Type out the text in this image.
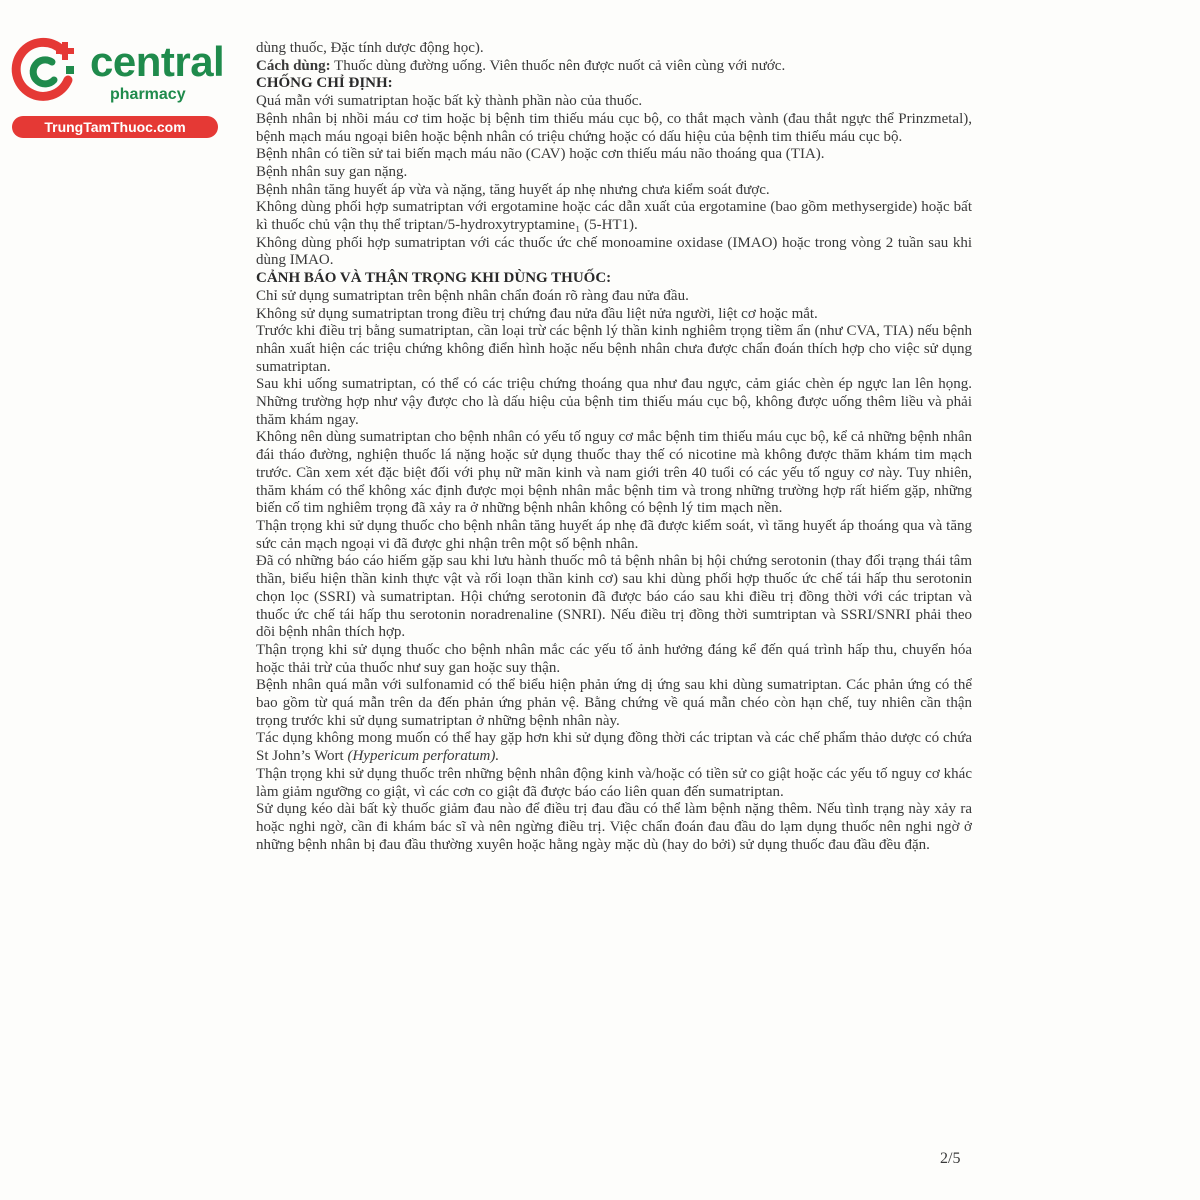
central
pharmacy
TrungTamThuoc.com

dùng thuốc, Đặc tính dược động học).

Cách dùng: Thuốc dùng đường uống. Viên thuốc nên được nuốt cả viên cùng với nước.

CHỐNG CHỈ ĐỊNH:

Quá mẫn với sumatriptan hoặc bất kỳ thành phần nào của thuốc.

Bệnh nhân bị nhồi máu cơ tim hoặc bị bệnh tim thiếu máu cục bộ, co thắt mạch vành (đau thắt ngực thể Prinzmetal), bệnh mạch máu ngoại biên hoặc bệnh nhân có triệu chứng hoặc có dấu hiệu của bệnh tim thiếu máu cục bộ.

Bệnh nhân có tiền sử tai biến mạch máu não (CAV) hoặc cơn thiếu máu não thoáng qua (TIA).

Bệnh nhân suy gan nặng.

Bệnh nhân tăng huyết áp vừa và nặng, tăng huyết áp nhẹ nhưng chưa kiểm soát được.

Không dùng phối hợp sumatriptan với ergotamine hoặc các dẫn xuất của ergotamine (bao gồm methysergide) hoặc bất kì thuốc chủ vận thụ thể triptan/5-hydroxytryptamine₁ (5-HT1).

Không dùng phối hợp sumatriptan với các thuốc ức chế monoamine oxidase (IMAO) hoặc trong vòng 2 tuần sau khi dùng IMAO.

CẢNH BÁO VÀ THẬN TRỌNG KHI DÙNG THUỐC:

Chỉ sử dụng sumatriptan trên bệnh nhân chẩn đoán rõ ràng đau nửa đầu.

Không sử dụng sumatriptan trong điều trị chứng đau nửa đầu liệt nửa người, liệt cơ hoặc mắt.

Trước khi điều trị bằng sumatriptan, cần loại trừ các bệnh lý thần kinh nghiêm trọng tiềm ẩn (như CVA, TIA) nếu bệnh nhân xuất hiện các triệu chứng không điển hình hoặc nếu bệnh nhân chưa được chẩn đoán thích hợp cho việc sử dụng sumatriptan.

Sau khi uống sumatriptan, có thể có các triệu chứng thoáng qua như đau ngực, cảm giác chèn ép ngực lan lên họng. Những trường hợp như vậy được cho là dấu hiệu của bệnh tim thiếu máu cục bộ, không được uống thêm liều và phải thăm khám ngay.

Không nên dùng sumatriptan cho bệnh nhân có yếu tố nguy cơ mắc bệnh tim thiếu máu cục bộ, kể cả những bệnh nhân đái tháo đường, nghiện thuốc lá nặng hoặc sử dụng thuốc thay thế có nicotine mà không được thăm khám tim mạch trước. Cần xem xét đặc biệt đối với phụ nữ mãn kinh và nam giới trên 40 tuổi có các yếu tố nguy cơ này. Tuy nhiên, thăm khám có thể không xác định được mọi bệnh nhân mắc bệnh tim và trong những trường hợp rất hiếm gặp, những biến cố tim nghiêm trọng đã xảy ra ở những bệnh nhân không có bệnh lý tim mạch nền.

Thận trọng khi sử dụng thuốc cho bệnh nhân tăng huyết áp nhẹ đã được kiểm soát, vì tăng huyết áp thoáng qua và tăng sức cản mạch ngoại vi đã được ghi nhận trên một số bệnh nhân.

Đã có những báo cáo hiếm gặp sau khi lưu hành thuốc mô tả bệnh nhân bị hội chứng serotonin (thay đổi trạng thái tâm thần, biểu hiện thần kinh thực vật và rối loạn thần kinh cơ) sau khi dùng phối hợp thuốc ức chế tái hấp thu serotonin chọn lọc (SSRI) và sumatriptan. Hội chứng serotonin đã được báo cáo sau khi điều trị đồng thời với các triptan và thuốc ức chế tái hấp thu serotonin noradrenaline (SNRI). Nếu điều trị đồng thời sumtriptan và SSRI/SNRI phải theo dõi bệnh nhân thích hợp.

Thận trọng khi sử dụng thuốc cho bệnh nhân mắc các yếu tố ảnh hưởng đáng kể đến quá trình hấp thu, chuyển hóa hoặc thải trừ của thuốc như suy gan hoặc suy thận.

Bệnh nhân quá mẫn với sulfonamid có thể biểu hiện phản ứng dị ứng sau khi dùng sumatriptan. Các phản ứng có thể bao gồm từ quá mẫn trên da đến phản ứng phản vệ. Bằng chứng về quá mẫn chéo còn hạn chế, tuy nhiên cần thận trọng trước khi sử dụng sumatriptan ở những bệnh nhân này.

Tác dụng không mong muốn có thể hay gặp hơn khi sử dụng đồng thời các triptan và các chế phẩm thảo dược có chứa St John’s Wort (Hypericum perforatum).

Thận trọng khi sử dụng thuốc trên những bệnh nhân động kinh và/hoặc có tiền sử co giật hoặc các yếu tố nguy cơ khác làm giảm ngưỡng co giật, vì các cơn co giật đã được báo cáo liên quan đến sumatriptan.

Sử dụng kéo dài bất kỳ thuốc giảm đau nào để điều trị đau đầu có thể làm bệnh nặng thêm. Nếu tình trạng này xảy ra hoặc nghi ngờ, cần đi khám bác sĩ và nên ngừng điều trị. Việc chẩn đoán đau đầu do lạm dụng thuốc nên nghi ngờ ở những bệnh nhân bị đau đầu thường xuyên hoặc hằng ngày mặc dù (hay do bởi) sử dụng thuốc đau đầu đều đặn.

2/5
